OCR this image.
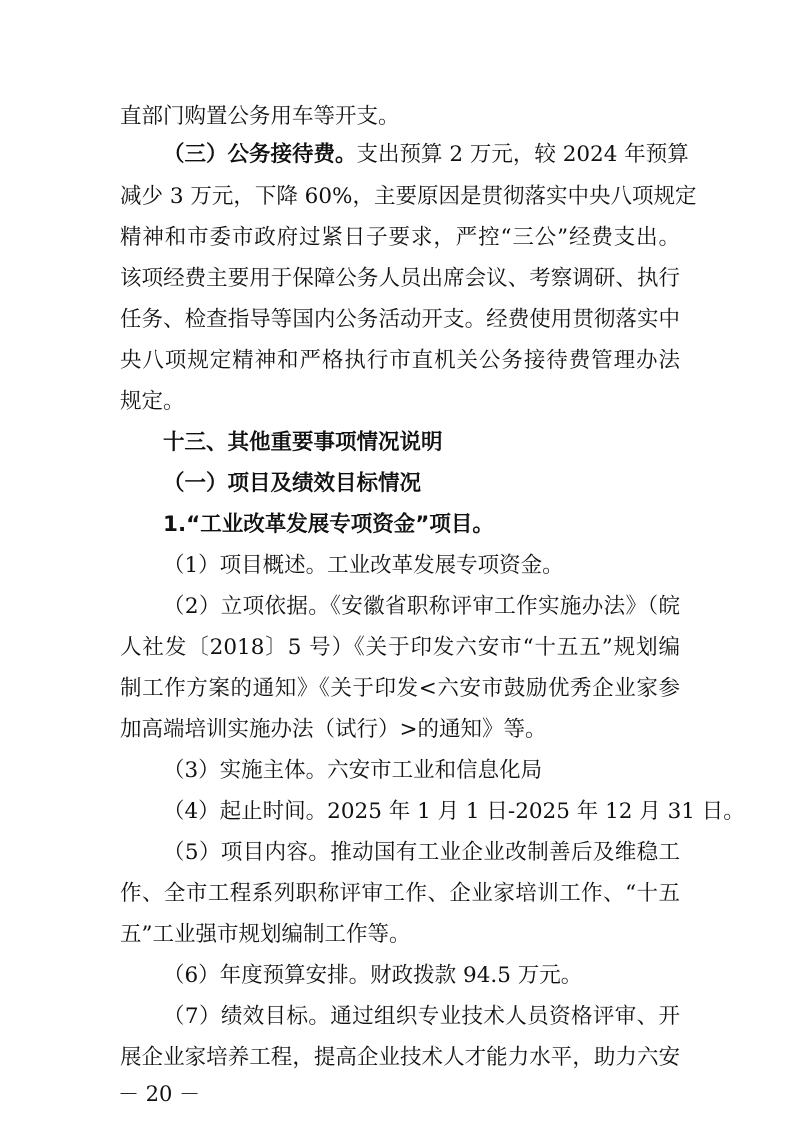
直部门购置公务用车等开支。
（三）公务接待费。支出预算 2 万元，较 2024 年预算
减少 3 万元，下降 60%，主要原因是贯彻落实中央八项规定
精神和市委市政府过紧日子要求，严控“三公”经费支出。
该项经费主要用于保障公务人员出席会议、考察调研、执行
任务、检查指导等国内公务活动开支。经费使用贯彻落实中
央八项规定精神和严格执行市直机关公务接待费管理办法
规定。
十三、其他重要事项情况说明
（一）项目及绩效目标情况
1.“工业改革发展专项资金”项目。
（1）项目概述。工业改革发展专项资金。
（2）立项依据。《安徽省职称评审工作实施办法》（皖
人社发〔2018〕5 号）《关于印发六安市“十五五”规划编
制工作方案的通知》《关于印发<六安市鼓励优秀企业家参
加高端培训实施办法（试行）>的通知》等。
（3）实施主体。六安市工业和信息化局
（4）起止时间。2025 年 1 月 1 日-2025 年 12 月 31 日。
（5）项目内容。推动国有工业企业改制善后及维稳工
作、全市工程系列职称评审工作、企业家培训工作、“十五
五”工业强市规划编制工作等。
（6）年度预算安排。财政拨款 94.5 万元。
（7）绩效目标。通过组织专业技术人员资格评审、开
展企业家培养工程，提高企业技术人才能力水平，助力六安
－ 20 －
